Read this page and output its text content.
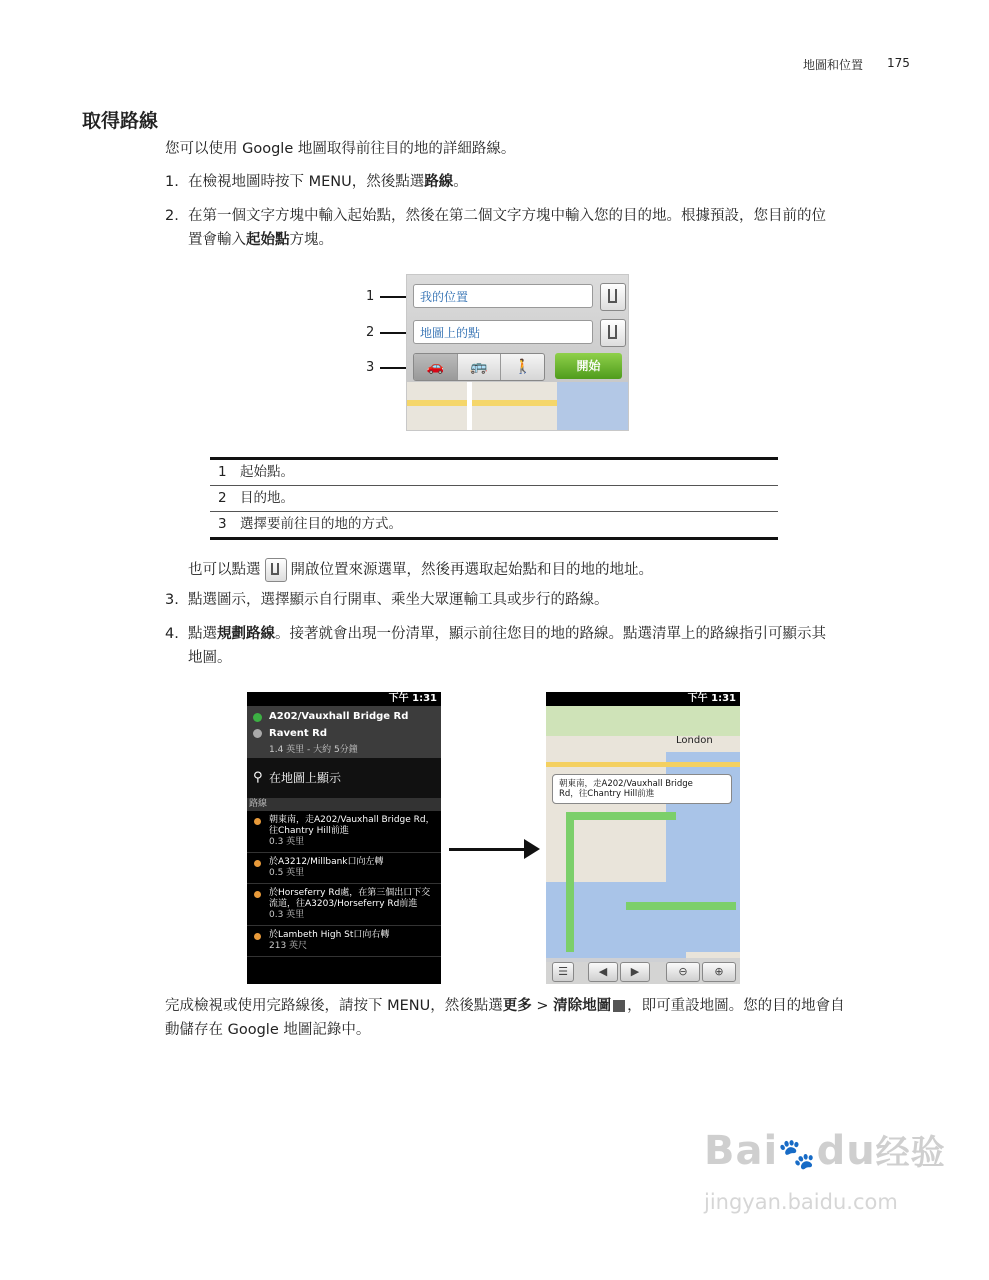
地圖和位置 175
取得路線
您可以使用 Google 地圖取得前往目的地的詳細路線。
1. 在檢視地圖時按下 MENU，然後點選路線。
2. 在第一個文字方塊中輸入起始點，然後在第二個文字方塊中輸入您的目的地。根據預設，您目前的位
置會輸入起始點方塊。
1
2
3
我的位置
地圖上的點
🚗	🚌	🚶	開始
1 起始點。
2 目的地。
3 選擇要前往目的地的方式。
也可以點選 開啟位置來源選單，然後再選取起始點和目的地的地址。
3. 點選圖示，選擇顯示自行開車、乘坐大眾運輸工具或步行的路線。
4. 點選規劃路線。接著就會出現一份清單，顯示前往您目的地的路線。點選清單上的路線指引可顯示其
地圖。
下午 1:31
A202/Vauxhall Bridge Rd
Ravent Rd
1.4 英里 - 大約 5分鐘
⚲ 在地圖上顯示
路線
朝東南，走A202/Vauxhall Bridge Rd，往Chantry Hill前進
0.3 英里
於A3212/Millbank口向左轉
0.5 英里
於Horseferry Rd處，在第三個出口下交流道，往A3203/Horseferry Rd前進
0.3 英里
於Lambeth High St口向右轉
213 英尺
下午 1:31
London
朝東南，走A202/Vauxhall Bridge
Rd，往Chantry Hill前進
☰	◀	▶	⊖	⊕
完成檢視或使用完路線後，請按下 MENU，然後點選更多 > 清除地圖 ，即可重設地圖。您的目的地會自
動儲存在 Google 地圖記錄中。
Bai🐾du经验
jingyan.baidu.com
